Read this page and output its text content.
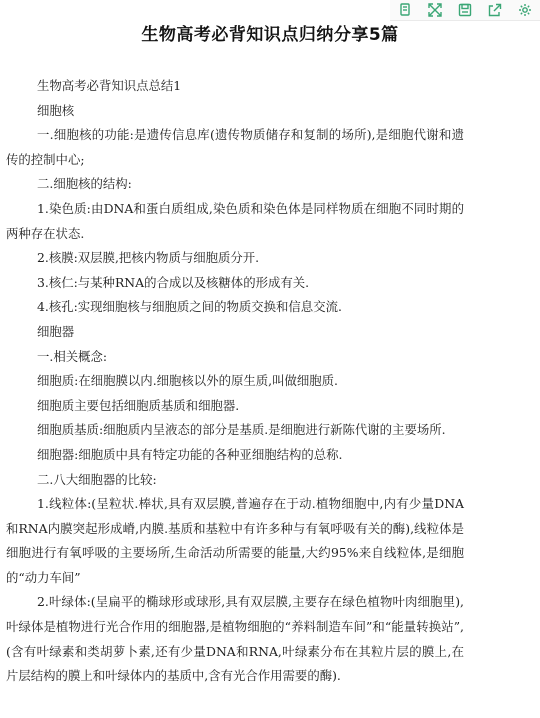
生物高考必背知识点归纳分享5篇

生物高考必背知识点总结1

细胞核

一.细胞核的功能:是遗传信息库(遗传物质储存和复制的场所),是细胞代谢和遗传的控制中心;

二.细胞核的结构:

1.染色质:由DNA和蛋白质组成,染色质和染色体是同样物质在细胞不同时期的两种存在状态.

2.核膜:双层膜,把核内物质与细胞质分开.

3.核仁:与某种RNA的合成以及核糖体的形成有关.

4.核孔:实现细胞核与细胞质之间的物质交换和信息交流.

细胞器

一.相关概念:

细胞质:在细胞膜以内.细胞核以外的原生质,叫做细胞质.

细胞质主要包括细胞质基质和细胞器.

细胞质基质:细胞质内呈液态的部分是基质.是细胞进行新陈代谢的主要场所.

细胞器:细胞质中具有特定功能的各种亚细胞结构的总称.

二.八大细胞器的比较:

1.线粒体:(呈粒状.棒状,具有双层膜,普遍存在于动.植物细胞中,内有少量DNA和RNA内膜突起形成嵴,内膜.基质和基粒中有许多种与有氧呼吸有关的酶),线粒体是细胞进行有氧呼吸的主要场所,生命活动所需要的能量,大约95%来自线粒体,是细胞的“动力车间”

2.叶绿体:(呈扁平的椭球形或球形,具有双层膜,主要存在绿色植物叶肉细胞里),叶绿体是植物进行光合作用的细胞器,是植物细胞的“养料制造车间”和“能量转换站”,(含有叶绿素和类胡萝卜素,还有少量DNA和RNA,叶绿素分布在其粒片层的膜上,在片层结构的膜上和叶绿体内的基质中,含有光合作用需要的酶).
